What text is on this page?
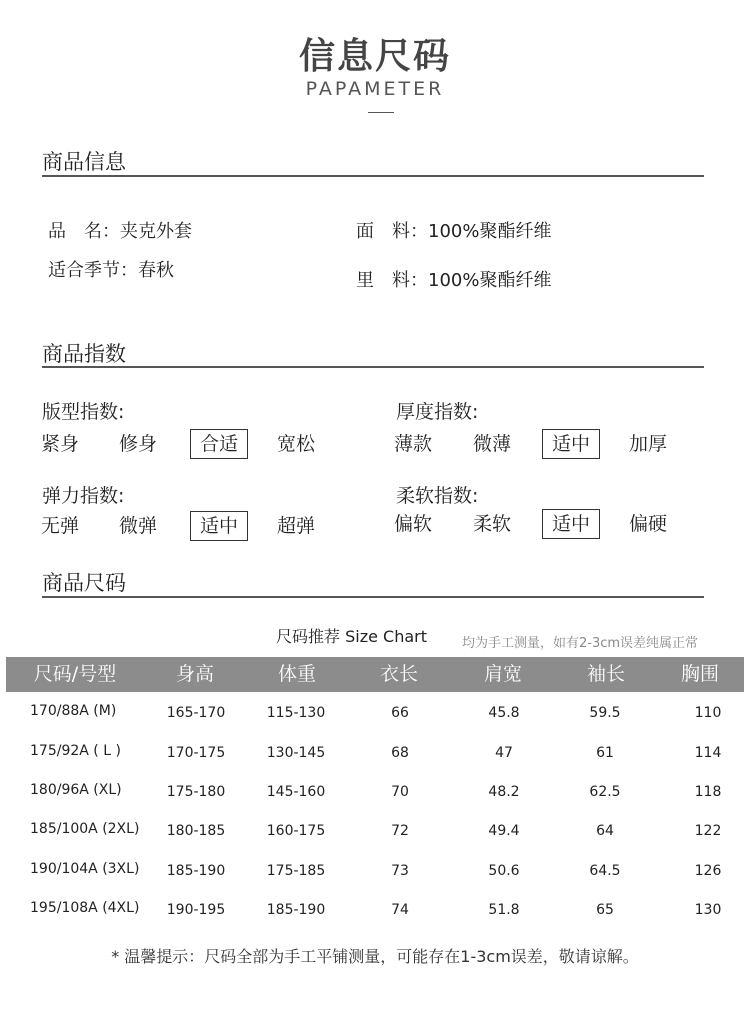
信息尺码
PAPAMETER
商品信息
品　名：夹克外套
适合季节：春秋
面　料：100%聚酯纤维
里　料：100%聚酯纤维
商品指数
版型指数:
紧身	修身	合适	宽松
厚度指数:
薄款	微薄	适中	加厚
弹力指数:
无弹	微弹	适中	超弹
柔软指数:
偏软	柔软	适中	偏硬
商品尺码
尺码推荐 Size Chart	均为手工测量，如有2-3cm误差纯属正常
尺码/号型	身高	体重	衣长	肩宽	袖长	胸围
170/88A (M)	165-170	115-130	66	45.8	59.5	110
175/92A ( L )	170-175	130-145	68	47	61	114
180/96A (XL)	175-180	145-160	70	48.2	62.5	118
185/100A (2XL)	180-185	160-175	72	49.4	64	122
190/104A (3XL)	185-190	175-185	73	50.6	64.5	126
195/108A (4XL)	190-195	185-190	74	51.8	65	130
* 温馨提示：尺码全部为手工平铺测量，可能存在1-3cm误差，敬请谅解。
